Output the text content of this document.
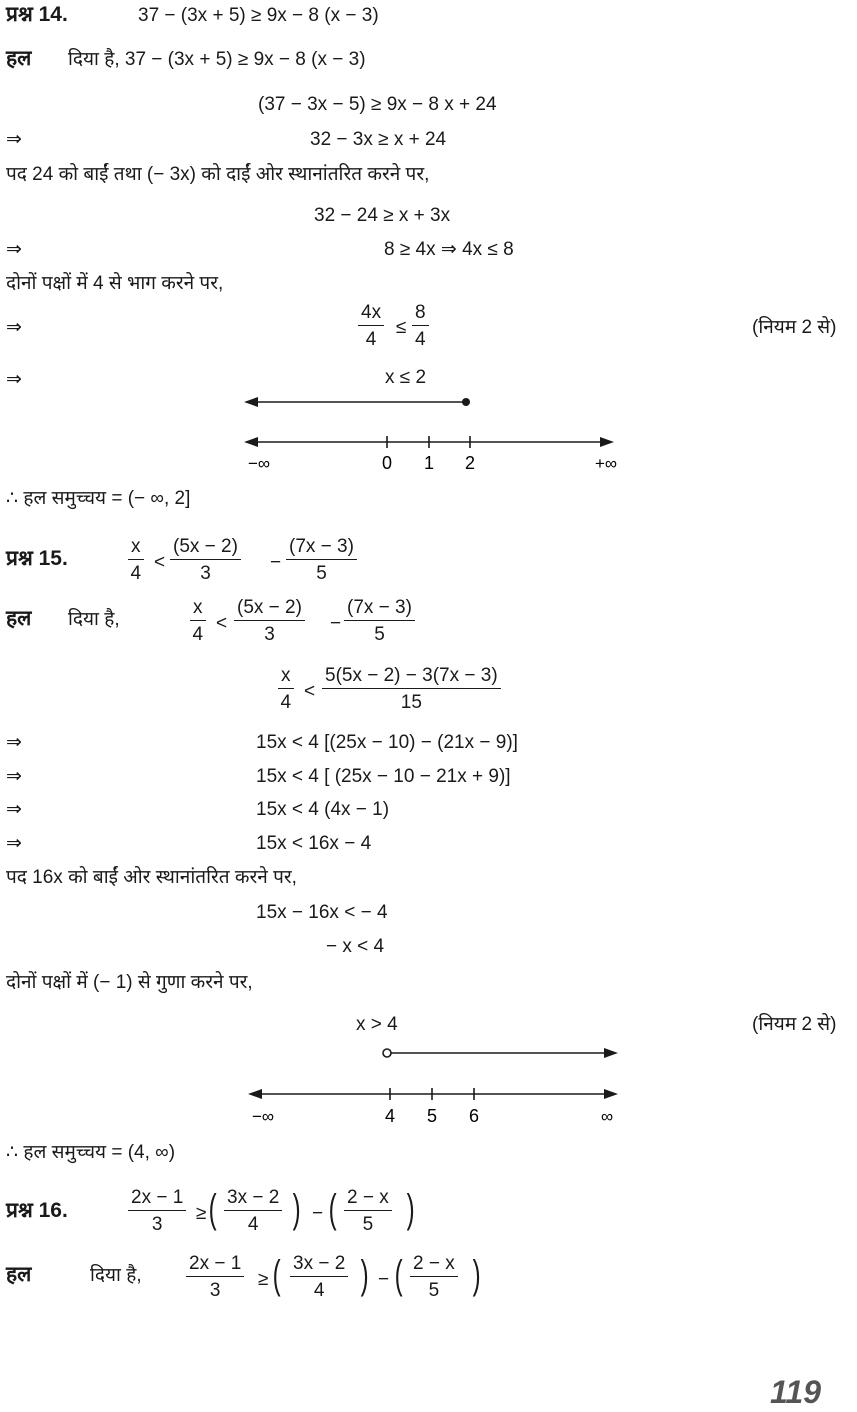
प्रश्न 14.	37 − (3x + 5) ≥ 9x − 8 (x − 3)
हल दिया है, 37 − (3x + 5) ≥ 9x − 8 (x − 3)
(37 − 3x − 5) ≥ 9x − 8 x + 24
⇒	32 − 3x ≥ x + 24
पद 24 को बाईं तथा (− 3x) को दाईं ओर स्थानांतरित करने पर,
32 − 24 ≥ x + 3x
⇒	8 ≥ 4x ⇒ 4x ≤ 8
दोनों पक्षों में 4 से भाग करने पर,
⇒	$\frac{4x}{4} \le \frac{8}{4}$	(नियम 2 से)
⇒	x ≤ 2
−∞	0 1 2	+∞
∴ हल समुच्चय = (− ∞, 2]
प्रश्न 15.	$\frac{x}{4} < \frac{(5x - 2)}{3} - \frac{(7x - 3)}{5}$
हल दिया है,	$\frac{x}{4} < \frac{(5x - 2)}{3} - \frac{(7x - 3)}{5}$
$\frac{x}{4} < \frac{5(5x - 2) - 3(7x - 3)}{15}$
⇒	15x < 4 [(25x − 10) − (21x − 9)]
⇒	15x < 4 [ (25x − 10 − 21x + 9)]
⇒	15x < 4 (4x − 1)
⇒	15x < 16x − 4
पद 16x को बाईं ओर स्थानांतरित करने पर,
15x − 16x < − 4
− x < 4
दोनों पक्षों में (− 1) से गुणा करने पर,
x > 4	(नियम 2 से)
−∞	4 5 6	∞
∴ हल समुच्चय = (4, ∞)
प्रश्न 16.	$\frac{2x - 1}{3}$ ≥ ( $\frac{3x - 2}{4}$ ) − ( $\frac{2 - x}{5}$ )
हल	दिया है, $\frac{2x - 1}{3}$ ≥ ( $\frac{3x - 2}{4}$ ) − ( $\frac{2 - x}{5}$ )
119
